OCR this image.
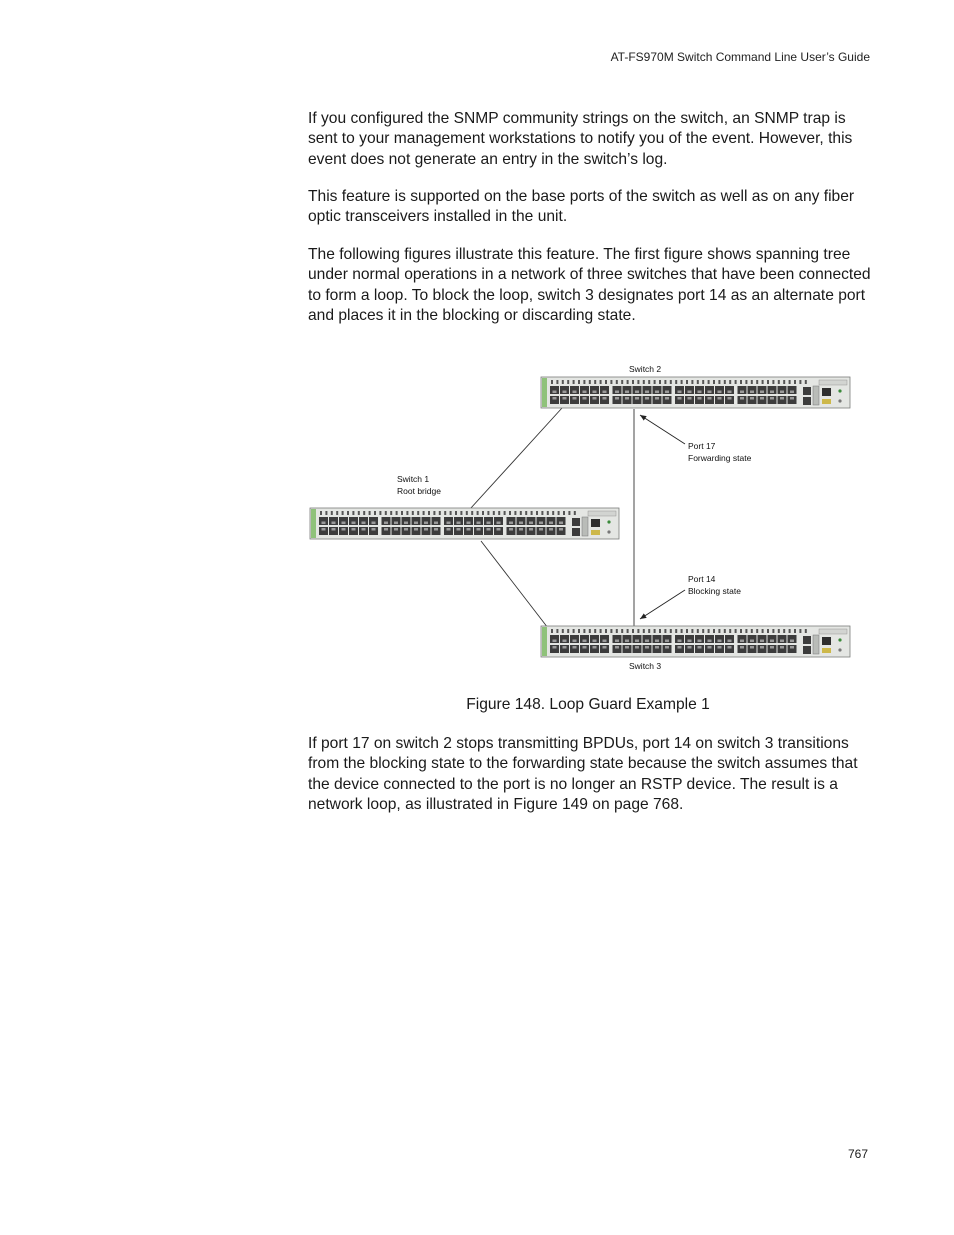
AT-FS970M Switch Command Line User’s Guide

If you configured the SNMP community strings on the switch, an SNMP trap is sent to your management workstations to notify you of the event. However, this event does not generate an entry in the switch’s log.

This feature is supported on the base ports of the switch as well as on any fiber optic transceivers installed in the unit.

The following figures illustrate this feature. The first figure shows spanning tree under normal operations in a network of three switches that have been connected to form a loop. To block the loop, switch 3 designates port 14 as an alternate port and places it in the blocking or discarding state.

Switch 2
Switch 1
Root bridge
Port 17
Forwarding state
Port 14
Blocking state
Switch 3
Figure 148. Loop Guard Example 1

If port 17 on switch 2 stops transmitting BPDUs, port 14 on switch 3 transitions from the blocking state to the forwarding state because the switch assumes that the device connected to the port is no longer an RSTP device. The result is a network loop, as illustrated in Figure 149 on page 768.

767
